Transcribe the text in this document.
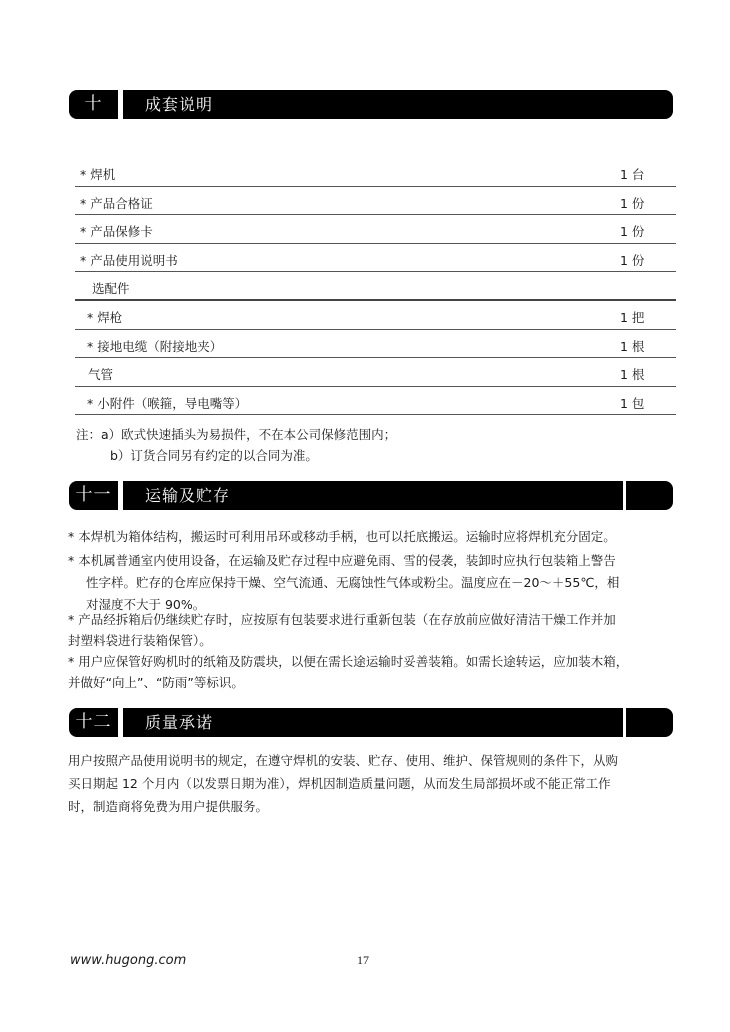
十	成套说明
* 焊机	1 台
* 产品合格证	1 份
* 产品保修卡	1 份
* 产品使用说明书	1 份
选配件
* 焊枪	1 把
* 接地电缆（附接地夹）	1 根
气管	1 根
* 小附件（喉箍，导电嘴等）	1 包
注：a）欧式快速插头为易损件，不在本公司保修范围内；
b）订货合同另有约定的以合同为准。
十一	运输及贮存
* 本焊机为箱体结构，搬运时可利用吊环或移动手柄，也可以托底搬运。运输时应将焊机充分固定。
* 本机属普通室内使用设备，在运输及贮存过程中应避免雨、雪的侵袭，装卸时应执行包装箱上警告
性字样。贮存的仓库应保持干燥、空气流通、无腐蚀性气体或粉尘。温度应在－20～＋55℃，相
对湿度不大于 90%。
* 产品经拆箱后仍继续贮存时，应按原有包装要求进行重新包装（在存放前应做好清洁干燥工作并加
封塑料袋进行装箱保管）。
* 用户应保管好购机时的纸箱及防震块，以便在需长途运输时妥善装箱。如需长途转运，应加装木箱，
并做好“向上”、“防雨”等标识。
十二	质量承诺
用户按照产品使用说明书的规定，在遵守焊机的安装、贮存、使用、维护、保管规则的条件下，从购
买日期起 12 个月内（以发票日期为准），焊机因制造质量问题，从而发生局部损坏或不能正常工作
时，制造商将免费为用户提供服务。
www.hugong.com	17
